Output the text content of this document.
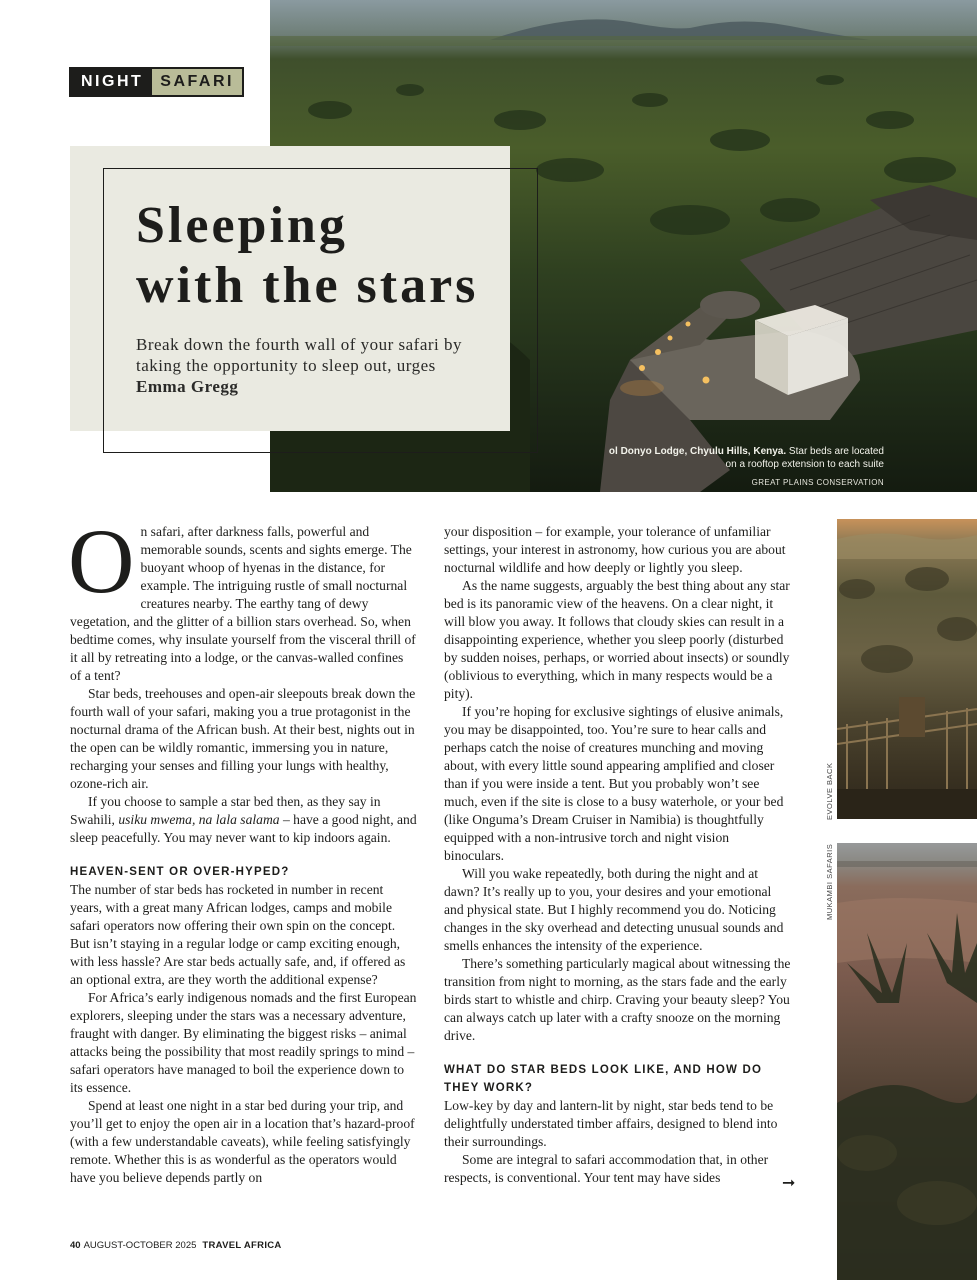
ol Donyo Lodge, Chyulu Hills, Kenya. Star beds are located on a rooftop extension to each suite
GREAT PLAINS CONSERVATION
NIGHT	SAFARI
Sleeping
with the stars

Break down the fourth wall of your safari by taking the opportunity to sleep out, urges Emma Gregg

On safari, after darkness falls, powerful and memorable sounds, scents and sights emerge. The buoyant whoop of hyenas in the distance, for example. The intriguing rustle of small nocturnal creatures nearby. The earthy tang of dewy vegetation, and the glitter of a billion stars overhead. So, when bedtime comes, why insulate yourself from the visceral thrill of it all by retreating into a lodge, or the canvas-walled confines of a tent?

Star beds, treehouses and open-air sleepouts break down the fourth wall of your safari, making you a true protagonist in the nocturnal drama of the African bush. At their best, nights out in the open can be wildly romantic, immersing you in nature, recharging your senses and filling your lungs with healthy, ozone-rich air.

If you choose to sample a star bed then, as they say in Swahili, usiku mwema, na lala salama – have a good night, and sleep peacefully. You may never want to kip indoors again.

HEAVEN-SENT OR OVER-HYPED?

The number of star beds has rocketed in number in recent years, with a great many African lodges, camps and mobile safari operators now offering their own spin on the concept. But isn’t staying in a regular lodge or camp exciting enough, with less hassle? Are star beds actually safe, and, if offered as an optional extra, are they worth the additional expense?

For Africa’s early indigenous nomads and the first European explorers, sleeping under the stars was a necessary adventure, fraught with danger. By eliminating the biggest risks – animal attacks being the possibility that most readily springs to mind – safari operators have managed to boil the experience down to its essence.

Spend at least one night in a star bed during your trip, and you’ll get to enjoy the open air in a location that’s hazard-proof (with a few understandable caveats), while feeling satisfyingly remote. Whether this is as wonderful as the operators would have you believe depends partly on

your disposition – for example, your tolerance of unfamiliar settings, your interest in astronomy, how curious you are about nocturnal wildlife and how deeply or lightly you sleep.

As the name suggests, arguably the best thing about any star bed is its panoramic view of the heavens. On a clear night, it will blow you away. It follows that cloudy skies can result in a disappointing experience, whether you sleep poorly (disturbed by sudden noises, perhaps, or worried about insects) or soundly (oblivious to everything, which in many respects would be a pity).

If you’re hoping for exclusive sightings of elusive animals, you may be disappointed, too. You’re sure to hear calls and perhaps catch the noise of creatures munching and moving about, with every little sound appearing amplified and closer than if you were inside a tent. But you probably won’t see much, even if the site is close to a busy waterhole, or your bed (like Onguma’s Dream Cruiser in Namibia) is thoughtfully equipped with a non-intrusive torch and night vision binoculars.

Will you wake repeatedly, both during the night and at dawn? It’s really up to you, your desires and your emotional and physical state. But I highly recommend you do. Noticing changes in the sky overhead and detecting unusual sounds and smells enhances the intensity of the experience.

There’s something particularly magical about witnessing the transition from night to morning, as the stars fade and the early birds start to whistle and chirp. Craving your beauty sleep? You can always catch up later with a crafty snooze on the morning drive.

WHAT DO STAR BEDS LOOK LIKE, AND HOW DO THEY WORK?

Low-key by day and lantern-lit by night, star beds tend to be delightfully understated timber affairs, designed to blend into their surroundings.

Some are integral to safari accommodation that, in other respects, is conventional. Your tent may have sides	➞
EVOLVE BACK
MUKAMBI SAFARIS
40 AUGUST-OCTOBER 2025 TRAVEL AFRICA
